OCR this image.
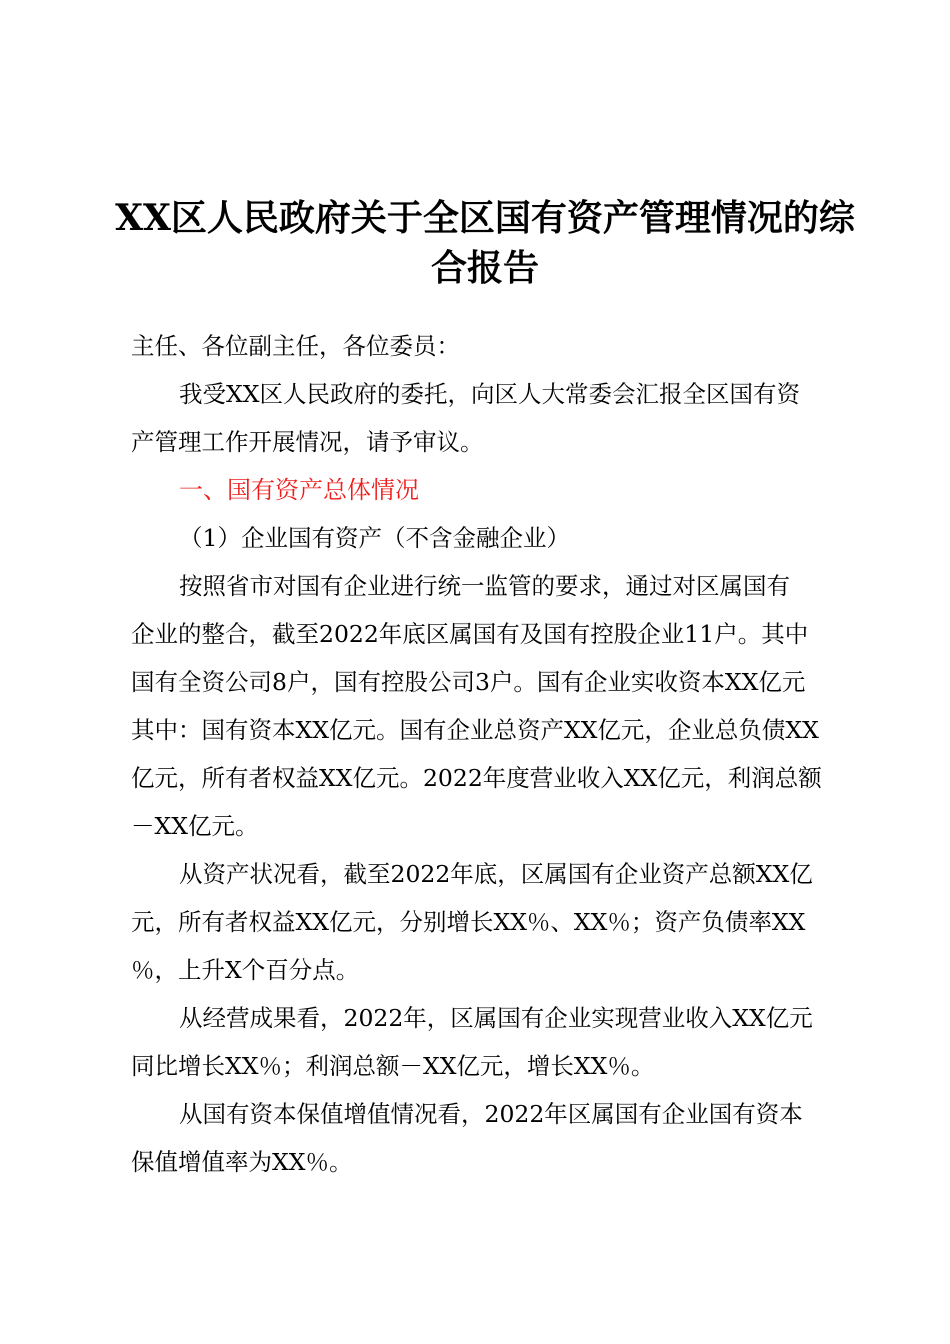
XX区人民政府关于全区国有资产管理情况的综
合报告

主任、各位副主任，各位委员：

我受XX区人民政府的委托，向区人大常委会汇报全区国有资
产管理工作开展情况，请予审议。

一、国有资产总体情况

（1）企业国有资产（不含金融企业）

按照省市对国有企业进行统一监管的要求，通过对区属国有
企业的整合，截至2022年底区属国有及国有控股企业11户。其中
国有全资公司8户，国有控股公司3户。国有企业实收资本XX亿元
其中：国有资本XX亿元。国有企业总资产XX亿元，企业总负债XX
亿元，所有者权益XX亿元。2022年度营业收入XX亿元，利润总额
－XX亿元。

从资产状况看，截至2022年底，区属国有企业资产总额XX亿
元，所有者权益XX亿元，分别增长XX％、XX％；资产负债率XX
％，上升X个百分点。

从经营成果看，2022年，区属国有企业实现营业收入XX亿元
同比增长XX％；利润总额－XX亿元，增长XX％。

从国有资本保值增值情况看，2022年区属国有企业国有资本
保值增值率为XX％。
